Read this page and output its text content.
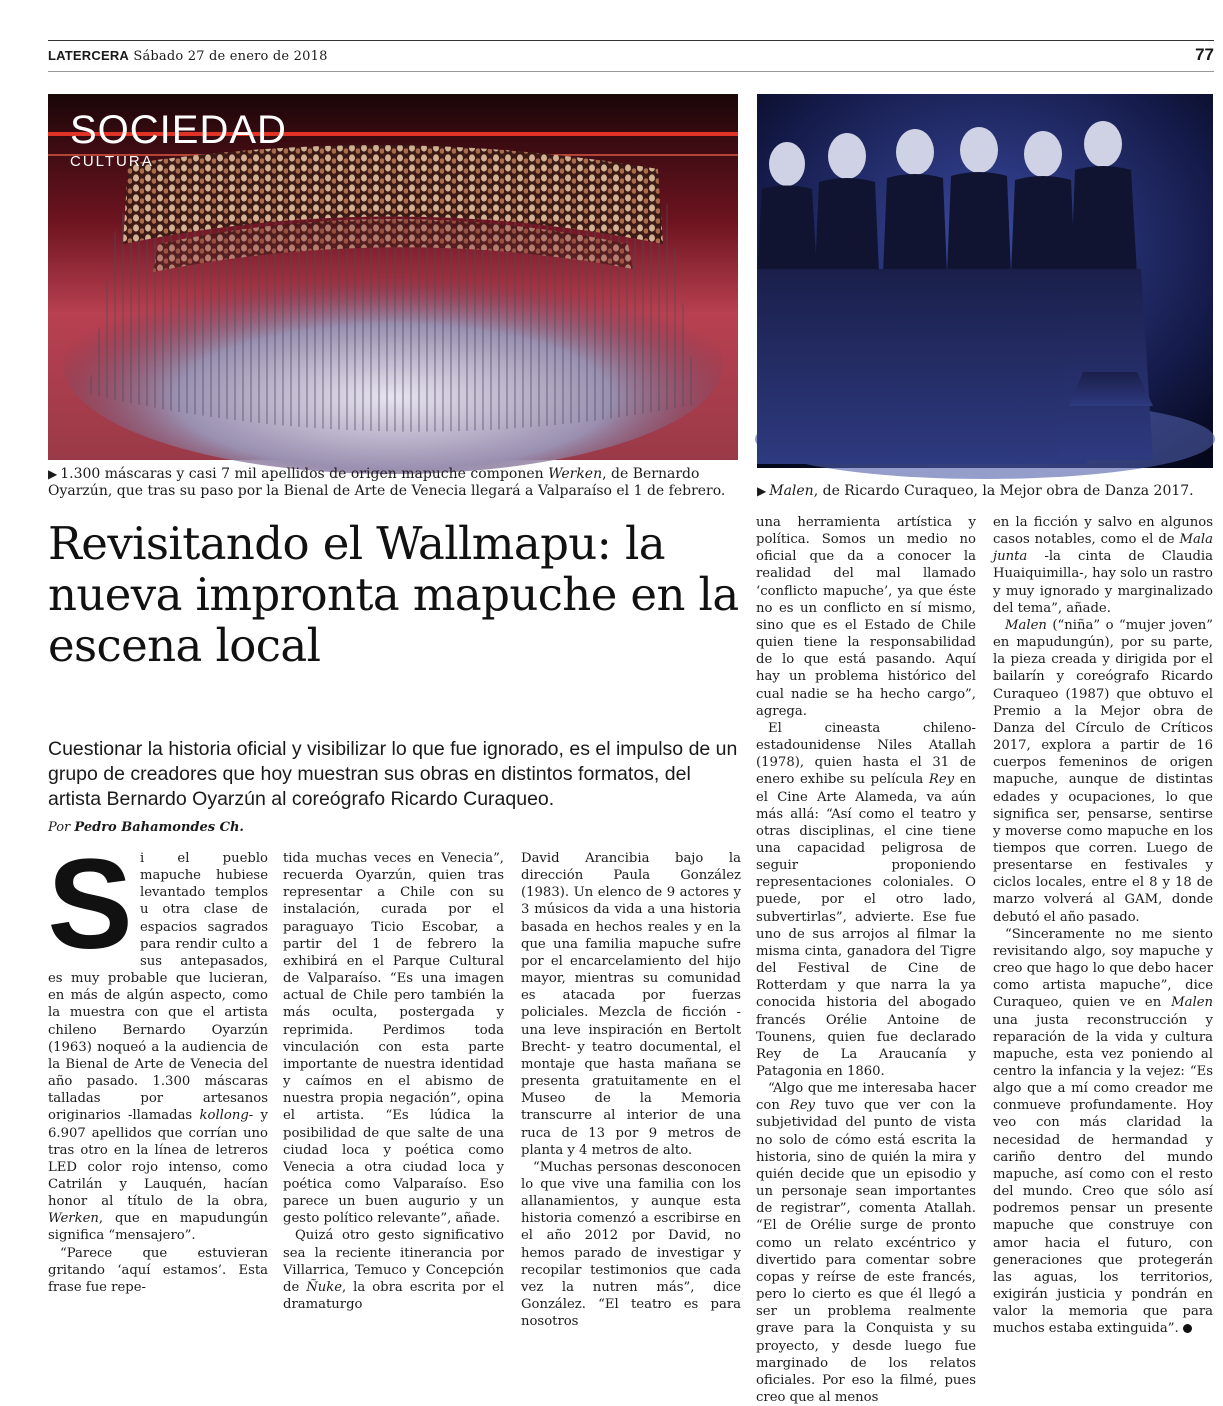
LATERCERA Sábado 27 de enero de 2018	77
SOCIEDAD
CULTURA
▶ 1.300 máscaras y casi 7 mil apellidos de origen mapuche componen Werken, de Bernardo Oyarzún, que tras su paso por la Bienal de Arte de Venecia llegará a Valparaíso el 1 de febrero.	▶ Malen, de Ricardo Curaqueo, la Mejor obra de Danza 2017.
Revisitando el Wallmapu: la nueva impronta mapuche en la escena local
Cuestionar la historia oficial y visibilizar lo que fue ignorado, es el impulso de un grupo de creadores que hoy muestran sus obras en distintos formatos, del artista Bernardo Oyarzún al coreógrafo Ricardo Curaqueo.
Por Pedro Bahamondes Ch.
S i el pueblo mapuche hubiese levantado templos u otra clase de espacios sagrados para rendir culto a sus antepasados, es muy probable que lucieran, en más de algún aspecto, como la muestra con que el artista chileno Bernardo Oyarzún (1963) noqueó a la audiencia de la Bienal de Arte de Venecia del año pasado. 1.300 máscaras talladas por artesanos originarios -llamadas kollong- y 6.907 apellidos que corrían uno tras otro en la línea de letreros LED color rojo intenso, como Catrilán y Lauquén, hacían honor al título de la obra, Werken, que en mapudungún significa “mensajero”.

“Parece que estuvieran gritando ‘aquí estamos’. Esta frase fue repe-

tida muchas veces en Venecia”, recuerda Oyarzún, quien tras representar a Chile con su instalación, curada por el paraguayo Ticio Escobar, a partir del 1 de febrero la exhibirá en el Parque Cultural de Valparaíso. “Es una imagen actual de Chile pero también la más oculta, postergada y reprimida. Perdimos toda vinculación con esta parte importante de nuestra identidad y caímos en el abismo de nuestra propia negación”, opina el artista. “Es lúdica la posibilidad de que salte de una ciudad loca y poética como Venecia a otra ciudad loca y poética como Valparaíso. Eso parece un buen augurio y un gesto político relevante”, añade.

Quizá otro gesto significativo sea la reciente itinerancia por Villarrica, Temuco y Concepción de Ñuke, la obra escrita por el dramaturgo

David Arancibia bajo la dirección Paula González (1983). Un elenco de 9 actores y 3 músicos da vida a una historia basada en hechos reales y en la que una familia mapuche sufre por el encarcelamiento del hijo mayor, mientras su comunidad es atacada por fuerzas policiales. Mezcla de ficción -una leve inspiración en Bertolt Brecht- y teatro documental, el montaje que hasta mañana se presenta gratuitamente en el Museo de la Memoria transcurre al interior de una ruca de 13 por 9 metros de planta y 4 metros de alto.

“Muchas personas desconocen lo que vive una familia con los allanamientos, y aunque esta historia comenzó a escribirse en el año 2012 por David, no hemos parado de investigar y recopilar testimonios que cada vez la nutren más”, dice González. “El teatro es para nosotros

una herramienta artística y política. Somos un medio no oficial que da a conocer la realidad del mal llamado ‘conflicto mapuche’, ya que éste no es un conflicto en sí mismo, sino que es el Estado de Chile quien tiene la responsabilidad de lo que está pasando. Aquí hay un problema histórico del cual nadie se ha hecho cargo”, agrega.

El cineasta chileno-estadounidense Niles Atallah (1978), quien hasta el 31 de enero exhibe su película Rey en el Cine Arte Alameda, va aún más allá: “Así como el teatro y otras disciplinas, el cine tiene una capacidad peligrosa de seguir proponiendo representaciones coloniales. O puede, por el otro lado, subvertirlas”, advierte. Ese fue uno de sus arrojos al filmar la misma cinta, ganadora del Tigre del Festival de Cine de Rotterdam y que narra la ya conocida historia del abogado francés Orélie Antoine de Tounens, quien fue declarado Rey de La Araucanía y Patagonia en 1860.

“Algo que me interesaba hacer con Rey tuvo que ver con la subjetividad del punto de vista no solo de cómo está escrita la historia, sino de quién la mira y quién decide que un episodio y un personaje sean importantes de registrar”, comenta Atallah. “El de Orélie surge de pronto como un relato excéntrico y divertido para comentar sobre copas y reírse de este francés, pero lo cierto es que él llegó a ser un problema realmente grave para la Conquista y su proyecto, y desde luego fue marginado de los relatos oficiales. Por eso la filmé, pues creo que al menos

en la ficción y salvo en algunos casos notables, como el de Mala junta -la cinta de Claudia Huaiquimilla-, hay solo un rastro y muy ignorado y marginalizado del tema”, añade.

Malen (“niña” o “mujer joven” en mapudungún), por su parte, la pieza creada y dirigida por el bailarín y coreógrafo Ricardo Curaqueo (1987) que obtuvo el Premio a la Mejor obra de Danza del Círculo de Críticos 2017, explora a partir de 16 cuerpos femeninos de origen mapuche, aunque de distintas edades y ocupaciones, lo que significa ser, pensarse, sentirse y moverse como mapuche en los tiempos que corren. Luego de presentarse en festivales y ciclos locales, entre el 8 y 18 de marzo volverá al GAM, donde debutó el año pasado.

“Sinceramente no me siento revisitando algo, soy mapuche y creo que hago lo que debo hacer como artista mapuche”, dice Curaqueo, quien ve en Malen una justa reconstrucción y reparación de la vida y cultura mapuche, esta vez poniendo al centro la infancia y la vejez: “Es algo que a mí como creador me conmueve profundamente. Hoy veo con más claridad la necesidad de hermandad y cariño dentro del mundo mapuche, así como con el resto del mundo. Creo que sólo así podremos pensar un presente mapuche que construye con amor hacia el futuro, con generaciones que protegerán las aguas, los territorios, exigirán justicia y pondrán en valor la memoria que para muchos estaba extinguida”.
